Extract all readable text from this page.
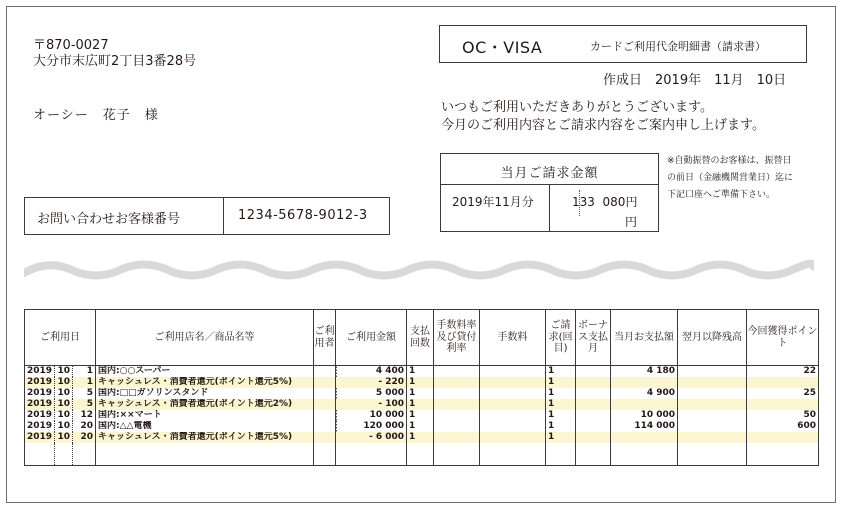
〒870-0027
大分市末広町2丁目3番28号
オーシー　花子　様
OC・VISA	カードご利用代金明細書（請求書）
作成日　2019年　11月　10日
いつもご利用いただきありがとうございます。
今月のご利用内容とご請求内容をご案内申し上げます。
当月ご請求金額
2019年11月分	133  080円
円
※自動振替のお客様は、振替日
の前日（金融機関営業日）迄に
下記口座へご準備下さい。
お問い合わせお客様番号	1234-5678-9012-3
ご利用日			ご利用店名／商品名等	ご利用者	ご利用金額	支払回数	手数料率及び貸付利率	手数料	ご請求(回目)	ボーナス支払月	当月お支払額	翌月以降残高	今回獲得ポイント
2019	10	1	国内:○○スーパー		4 400	1			1		4 180		22
2019	10	1	キャッシュレス・消費者還元(ポイント還元5%)		- 220	1			1				
2019	10	5	国内:□□ガソリンスタンド		5 000	1			1		4 900		25
2019	10	5	キャッシュレス・消費者還元(ポイント還元2%)		- 100	1			1				
2019	10	12	国内:××マート		10 000	1			1		10 000		50
2019	10	20	国内:△△電機		120 000	1			1		114 000		600
2019	10	20	キャッシュレス・消費者還元(ポイント還元5%)		- 6 000	1			1				
